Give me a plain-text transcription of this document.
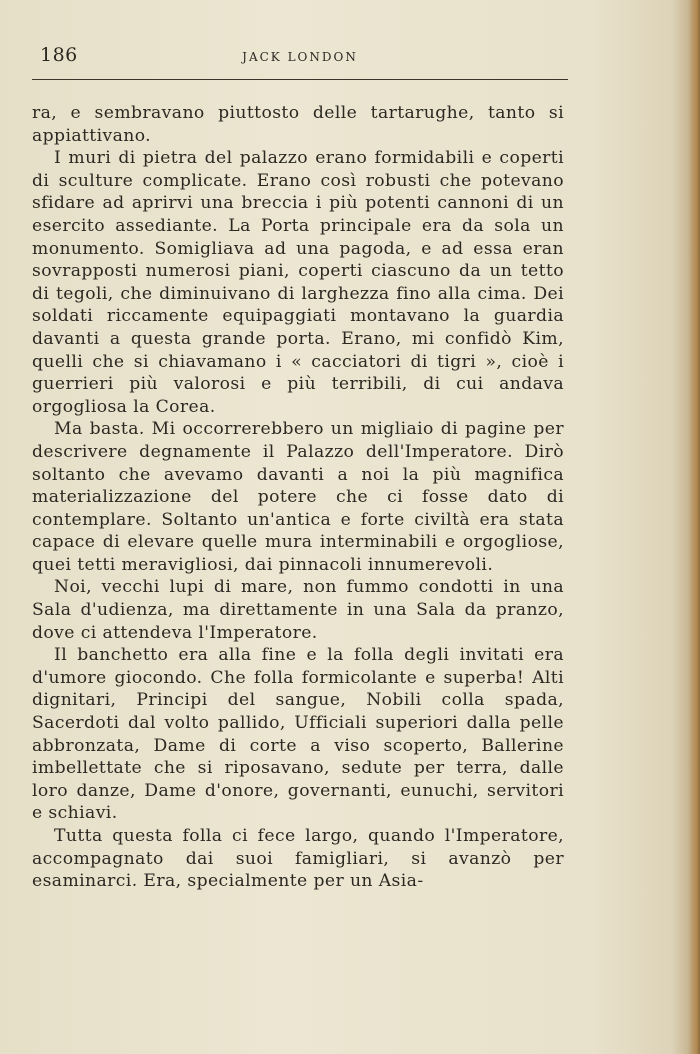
186	JACK LONDON

ra, e sembravano piuttosto delle tartarughe, tanto si appiattivano.

I muri di pietra del palazzo erano formidabili e coperti di sculture complicate. Erano così robusti che potevano sfidare ad aprirvi una breccia i più potenti cannoni di un esercito assediante. La Porta principale era da sola un monumento. Somigliava ad una pagoda, e ad essa eran sovrapposti numerosi piani, coperti ciascuno da un tetto di tegoli, che diminuivano di larghezza fino alla cima. Dei soldati riccamente equipaggiati montavano la guardia davanti a questa grande porta. Erano, mi confidò Kim, quelli che si chiavamano i « cacciatori di tigri », cioè i guerrieri più valorosi e più terribili, di cui andava orgogliosa la Corea.

Ma basta. Mi occorrerebbero un migliaio di pagine per descrivere degnamente il Palazzo dell'Imperatore. Dirò soltanto che avevamo davanti a noi la più magnifica materializzazione del potere che ci fosse dato di contemplare. Soltanto un'antica e forte civiltà era stata capace di elevare quelle mura interminabili e orgogliose, quei tetti meravigliosi, dai pinnacoli innumerevoli.

Noi, vecchi lupi di mare, non fummo condotti in una Sala d'udienza, ma direttamente in una Sala da pranzo, dove ci attendeva l'Imperatore.

Il banchetto era alla fine e la folla degli invitati era d'umore giocondo. Che folla formicolante e superba! Alti dignitari, Principi del sangue, Nobili colla spada, Sacerdoti dal volto pallido, Ufficiali superiori dalla pelle abbronzata, Dame di corte a viso scoperto, Ballerine imbellettate che si riposavano, sedute per terra, dalle loro danze, Dame d'onore, governanti, eunuchi, servitori e schiavi.

Tutta questa folla ci fece largo, quando l'Imperatore, accompagnato dai suoi famigliari, si avanzò per esaminarci. Era, specialmente per un Asia-
